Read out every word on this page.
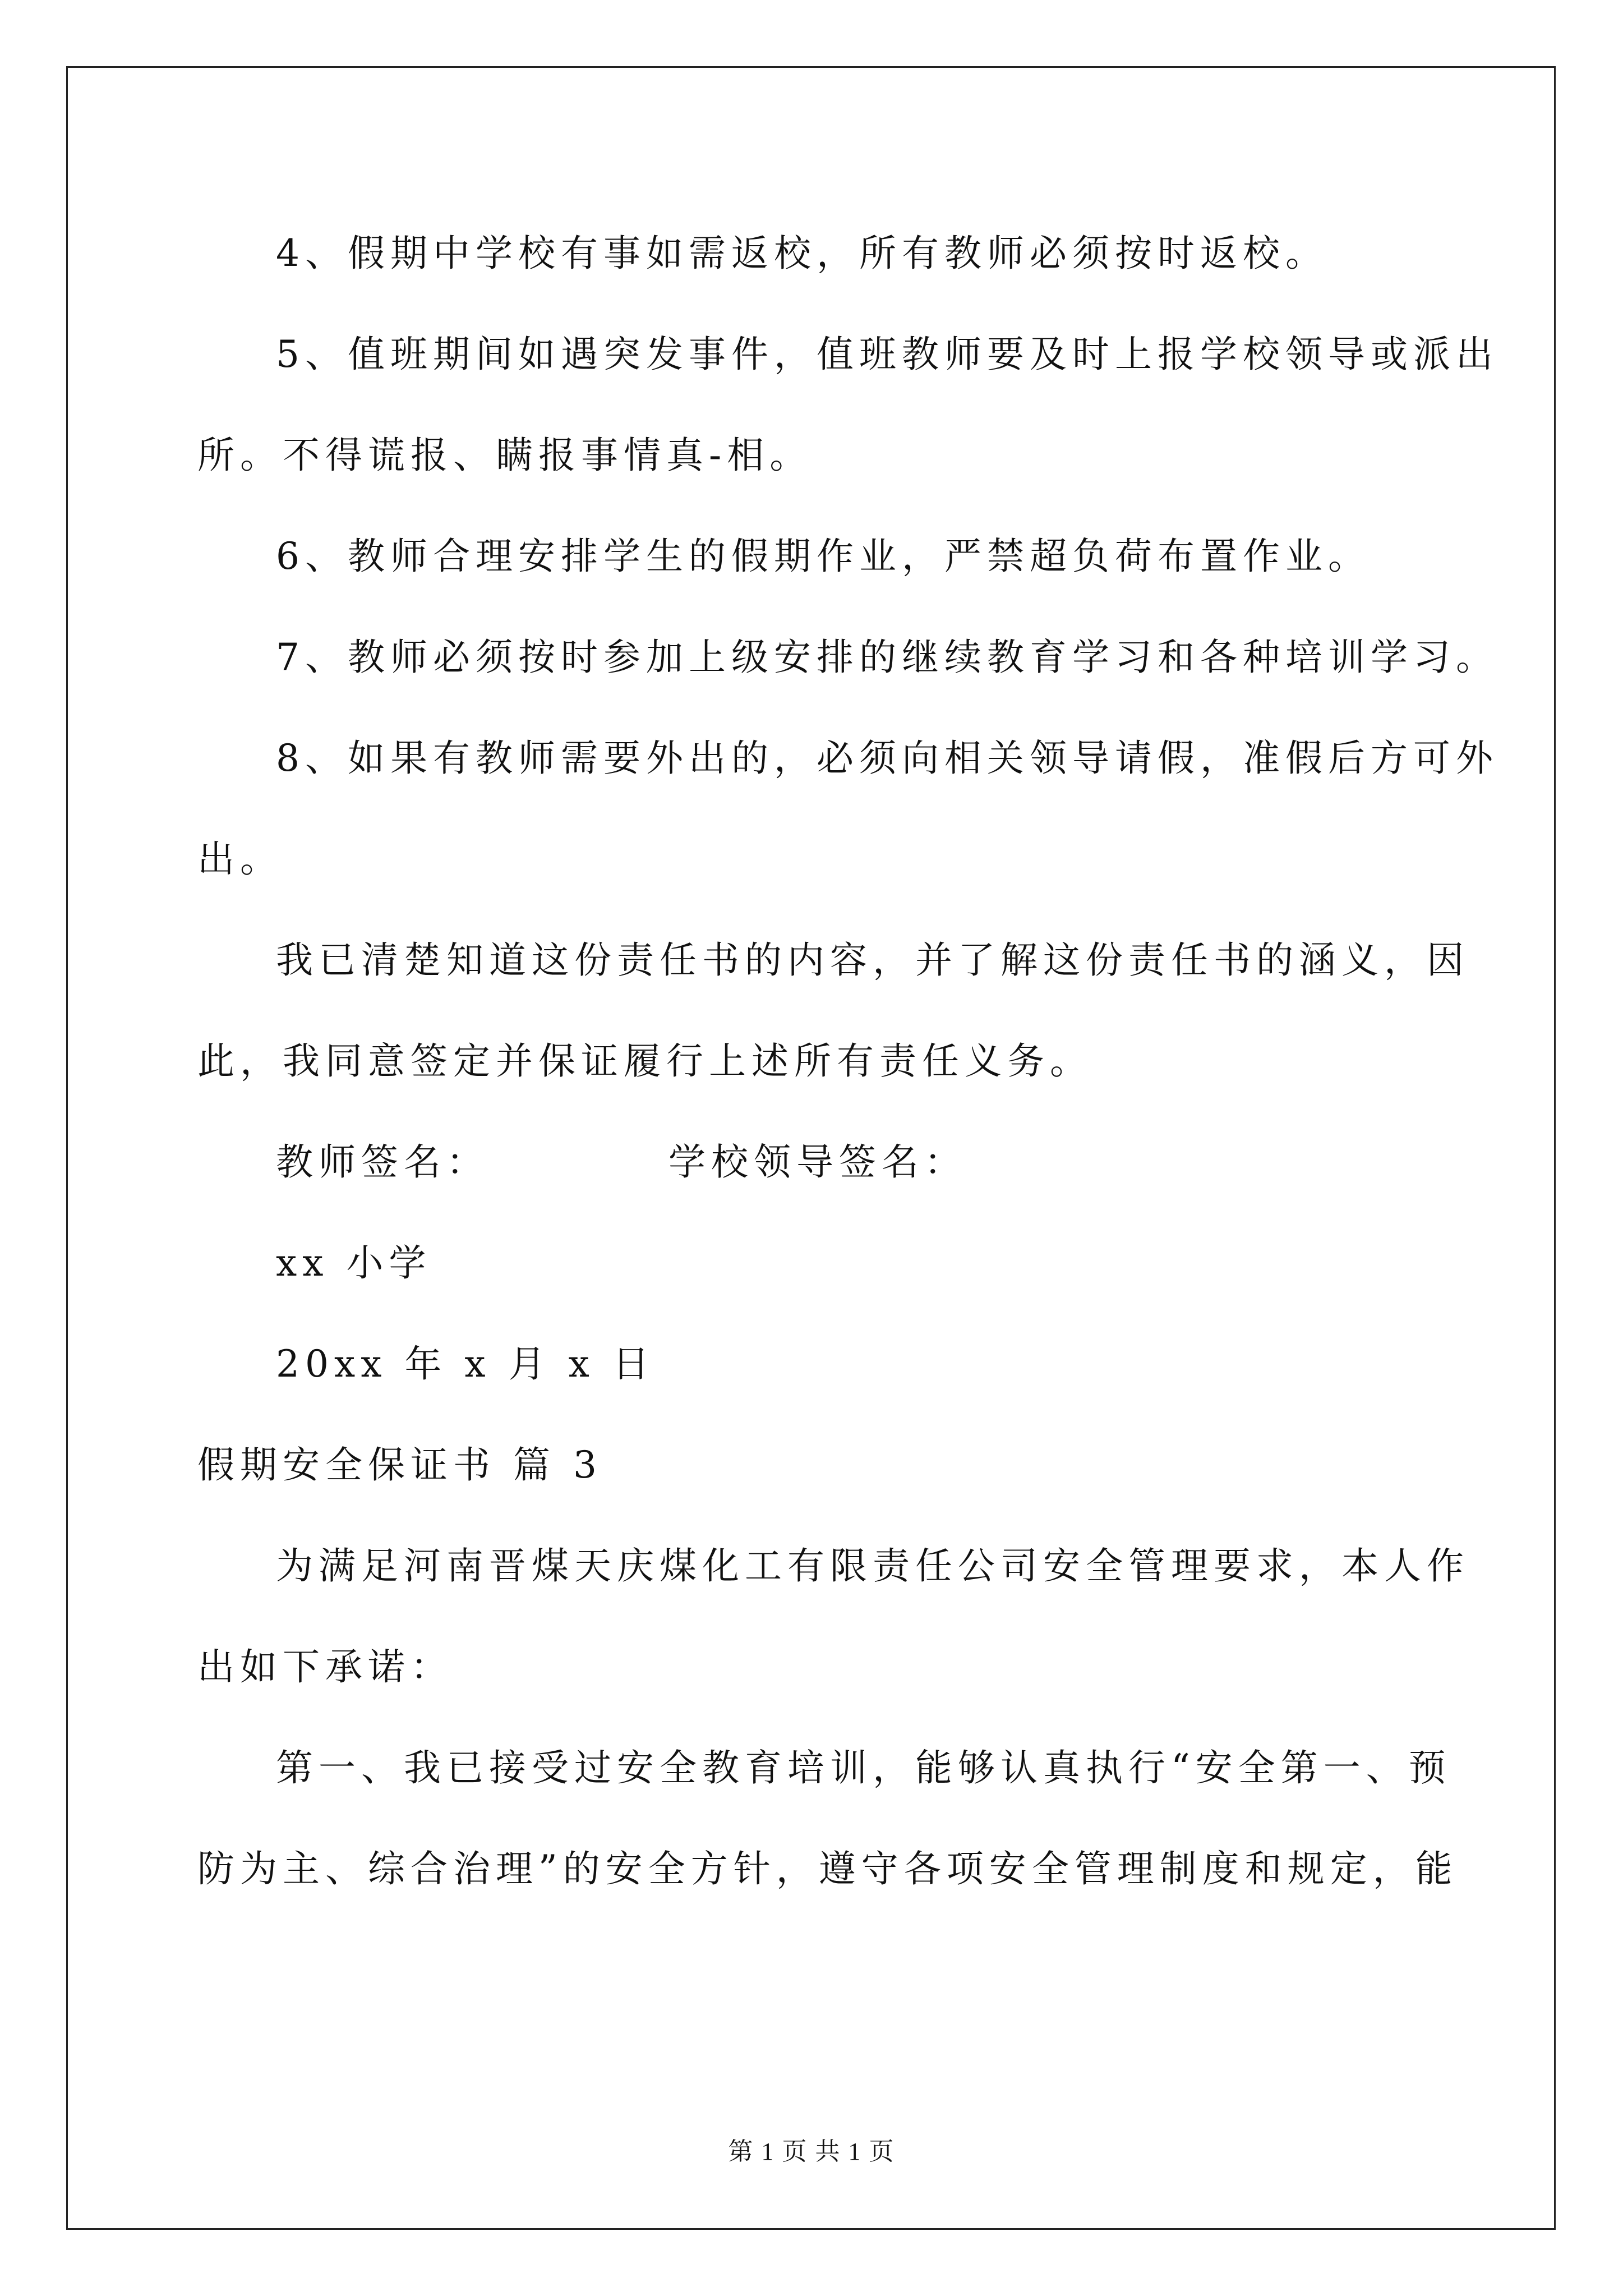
4、假期中学校有事如需返校，所有教师必须按时返校。
5、值班期间如遇突发事件，值班教师要及时上报学校领导或派出
所。不得谎报、瞒报事情真-相。
6、教师合理安排学生的假期作业，严禁超负荷布置作业。
7、教师必须按时参加上级安排的继续教育学习和各种培训学习。
8、如果有教师需要外出的，必须向相关领导请假，准假后方可外
出。
我已清楚知道这份责任书的内容，并了解这份责任书的涵义，因
此，我同意签定并保证履行上述所有责任义务。
教师签名：	学校领导签名：
xx 小学
20xx 年 x 月 x 日
假期安全保证书 篇 3
为满足河南晋煤天庆煤化工有限责任公司安全管理要求，本人作
出如下承诺：
第一、我已接受过安全教育培训，能够认真执行“安全第一、预
防为主、综合治理”的安全方针，遵守各项安全管理制度和规定，能
第 1 页 共 1 页
